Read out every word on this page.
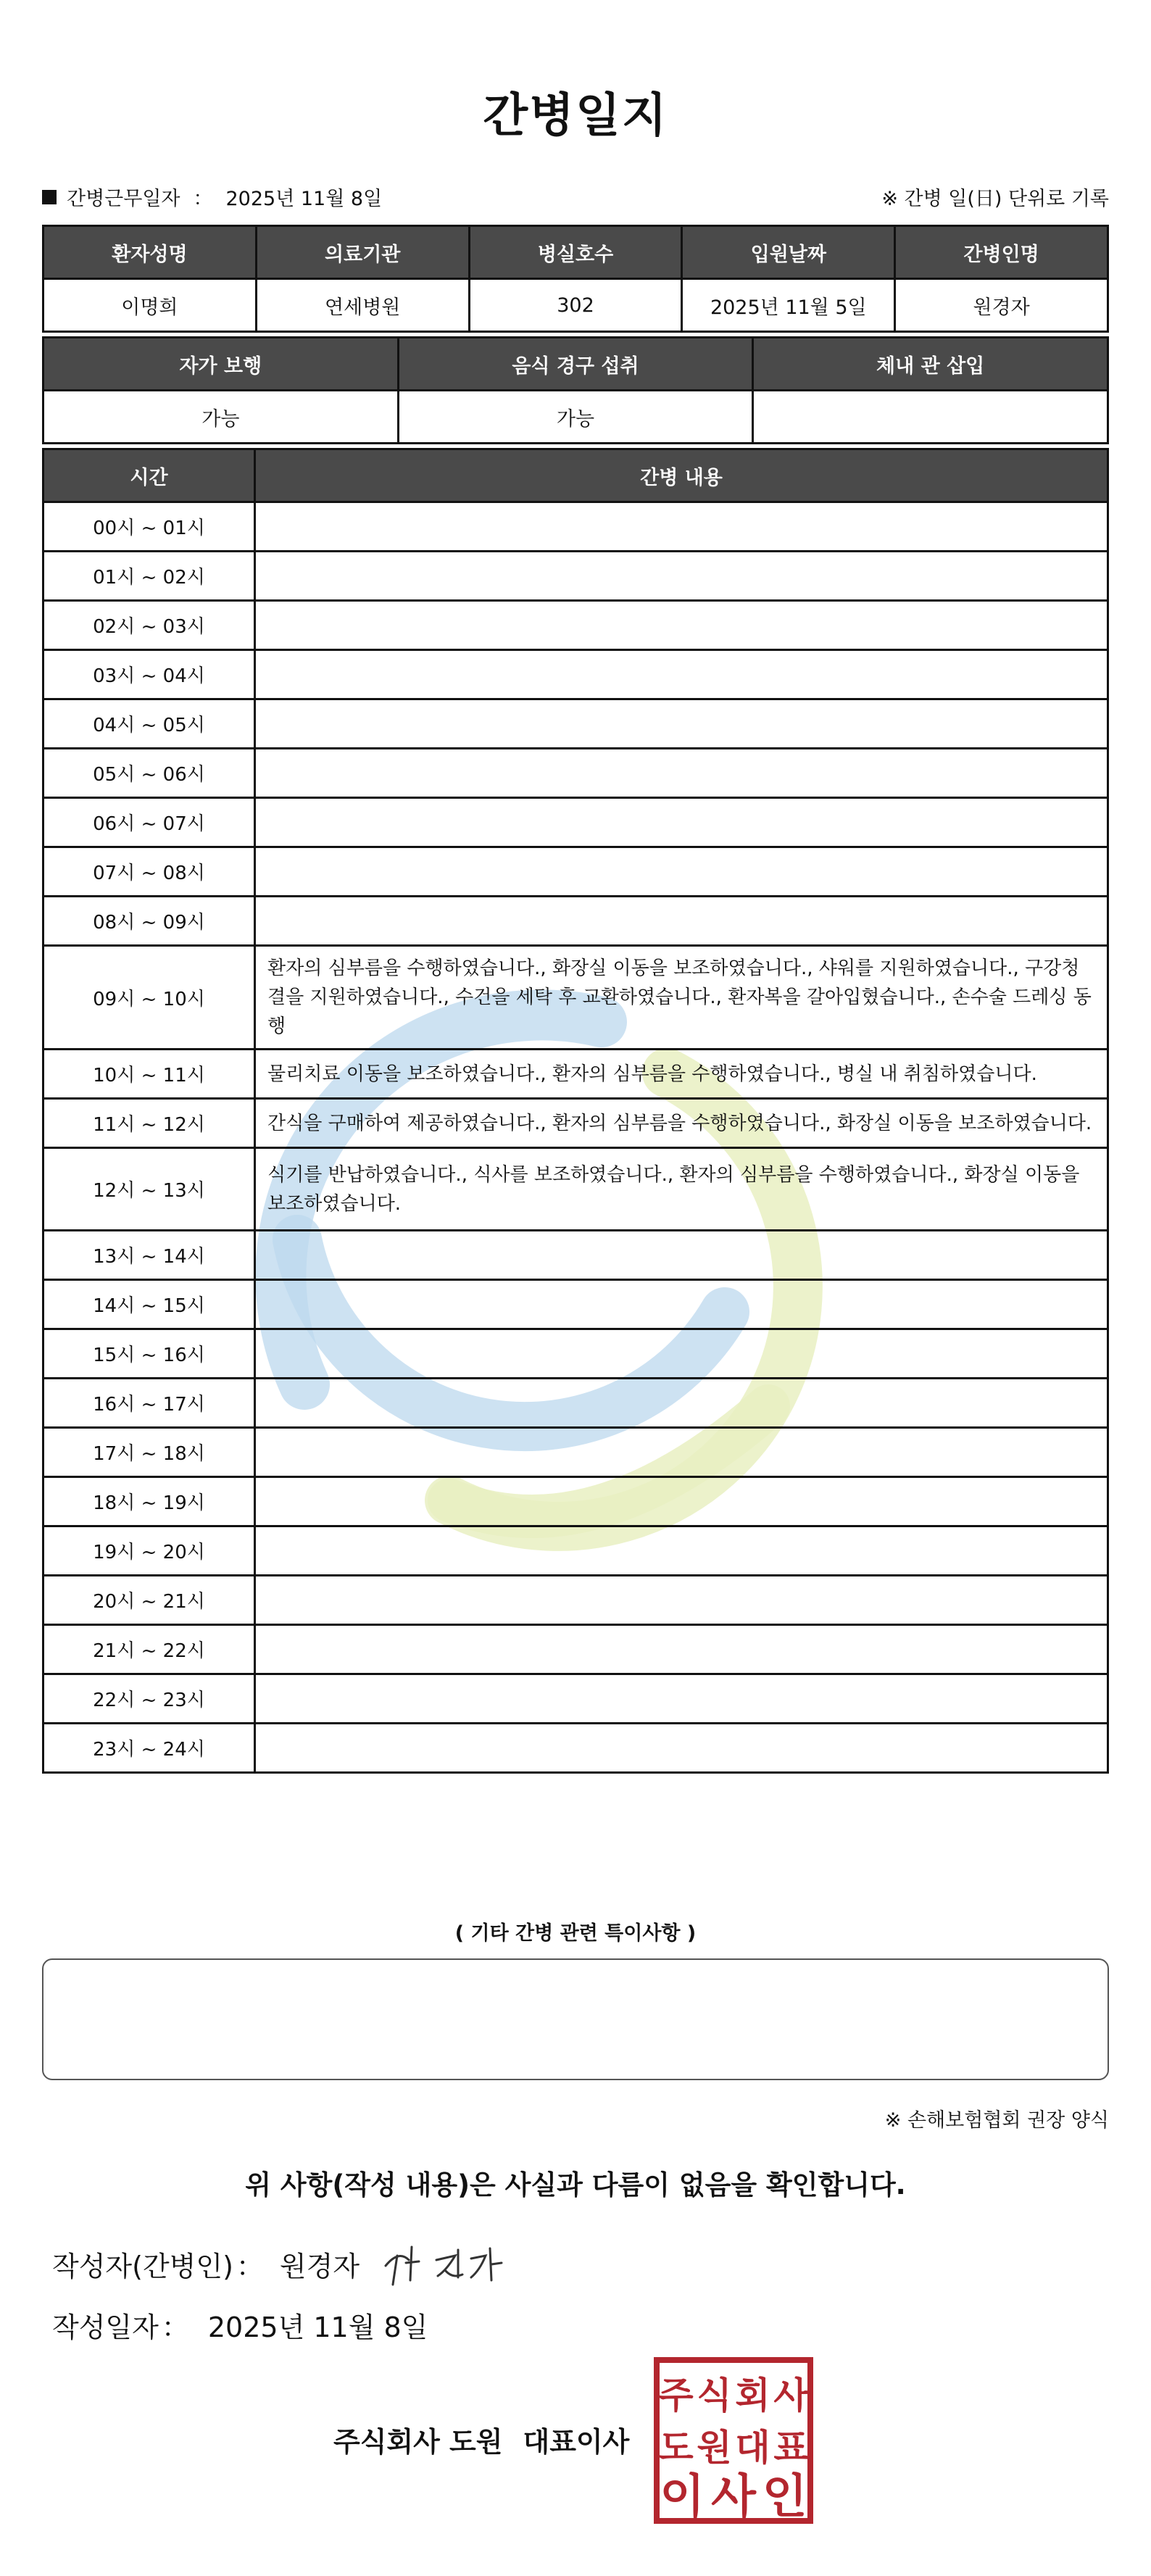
간병일지
간병근무일자 ： 2025년 11월 8일	※ 간병 일(日) 단위로 기록
환자성명	의료기관	병실호수	입원날짜	간병인명
이명희	연세병원	302	2025년 11월 5일	원경자
자가 보행	음식 경구 섭취	체내 관 삽입
가능	가능	
시간	간병 내용
00시 ~ 01시	
01시 ~ 02시	
02시 ~ 03시	
03시 ~ 04시	
04시 ~ 05시	
05시 ~ 06시	
06시 ~ 07시	
07시 ~ 08시	
08시 ~ 09시	
09시 ~ 10시	환자의 심부름을 수행하였습니다., 화장실 이동을 보조하였습니다., 샤워를 지원하였습니다., 구강청결을 지원하였습니다., 수건을 세탁 후 교환하였습니다., 환자복을 갈아입혔습니다., 손수술 드레싱 동행
10시 ~ 11시	물리치료 이동을 보조하였습니다., 환자의 심부름을 수행하였습니다., 병실 내 취침하였습니다.
11시 ~ 12시	간식을 구매하여 제공하였습니다., 환자의 심부름을 수행하였습니다., 화장실 이동을 보조하였습니다.
12시 ~ 13시	식기를 반납하였습니다., 식사를 보조하였습니다., 환자의 심부름을 수행하였습니다., 화장실 이동을 보조하였습니다.
13시 ~ 14시	
14시 ~ 15시	
15시 ~ 16시	
16시 ~ 17시	
17시 ~ 18시	
18시 ~ 19시	
19시 ~ 20시	
20시 ~ 21시	
21시 ~ 22시	
22시 ~ 23시	
23시 ~ 24시	
( 기타 간병 관련 특이사항 )
※ 손해보험협회 권장 양식
위 사항(작성 내용)은 사실과 다름이 없음을 확인합니다.
작성자(간병인) ： 원경자
작성일자 ： 2025년 11월 8일
주식회사 도원 대표이사
주 식 회 사
도 원 대 표
이 사 인
